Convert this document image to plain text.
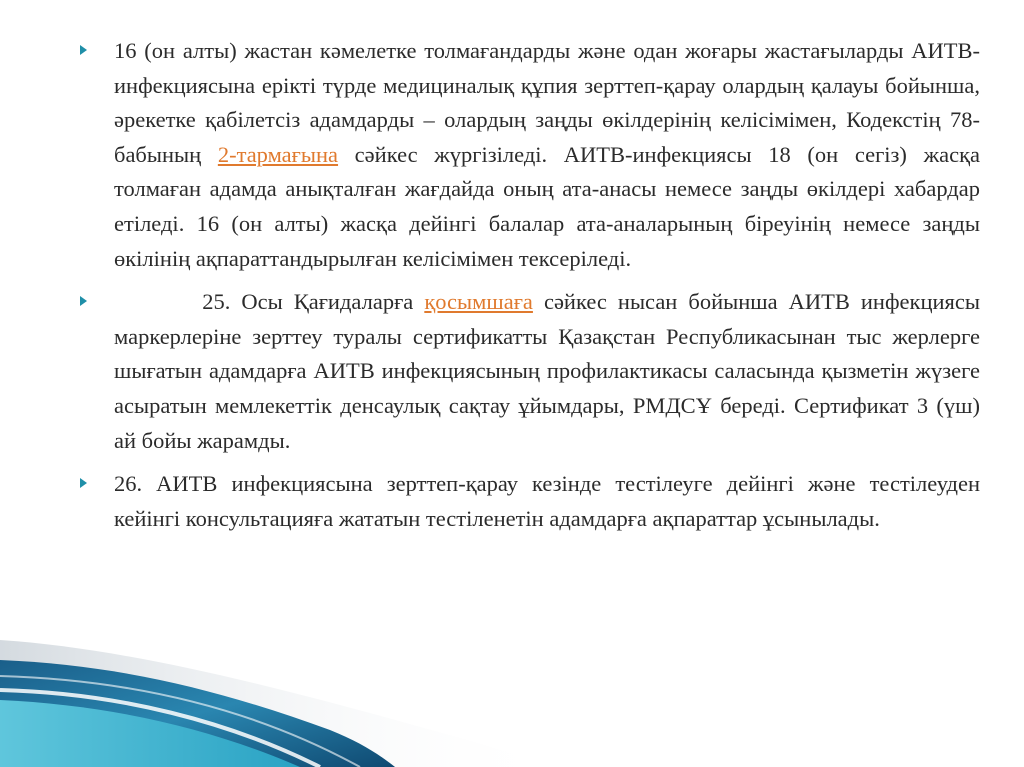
16 (он алты) жастан кәмелетке толмағандарды және одан жоғары жастағыларды АИТВ-инфекциясына ерікті түрде медициналық құпия зерттеп-қарау олардың қалауы бойынша, әрекетке қабілетсіз адамдарды – олардың заңды өкілдерінің келісімімен, Кодекстің 78-бабының 2-тармағына сәйкес жүргізіледі. АИТВ-инфекциясы 18 (он сегіз) жасқа толмаған адамда анықталған жағдайда оның ата-анасы немесе заңды өкілдері хабардар етіледі. 16 (он алты) жасқа дейінгі балалар ата-аналарының біреуінің немесе заңды өкілінің ақпараттандырылған келісімімен тексеріледі.

25. Осы Қағидаларға қосымшаға сәйкес нысан бойынша АИТВ инфекциясы маркерлеріне зерттеу туралы сертификатты Қазақстан Республикасынан тыс жерлерге шығатын адамдарға АИТВ инфекциясының профилактикасы саласында қызметін жүзеге асыратын мемлекеттік денсаулық сақтау ұйымдары, РМДСҰ береді. Сертификат 3 (үш) ай бойы жарамды.

26. АИТВ инфекциясына зерттеп-қарау кезінде тестілеуге дейінгі және тестілеуден кейінгі консультацияға жататын тестіленетін адамдарға ақпараттар ұсынылады.
